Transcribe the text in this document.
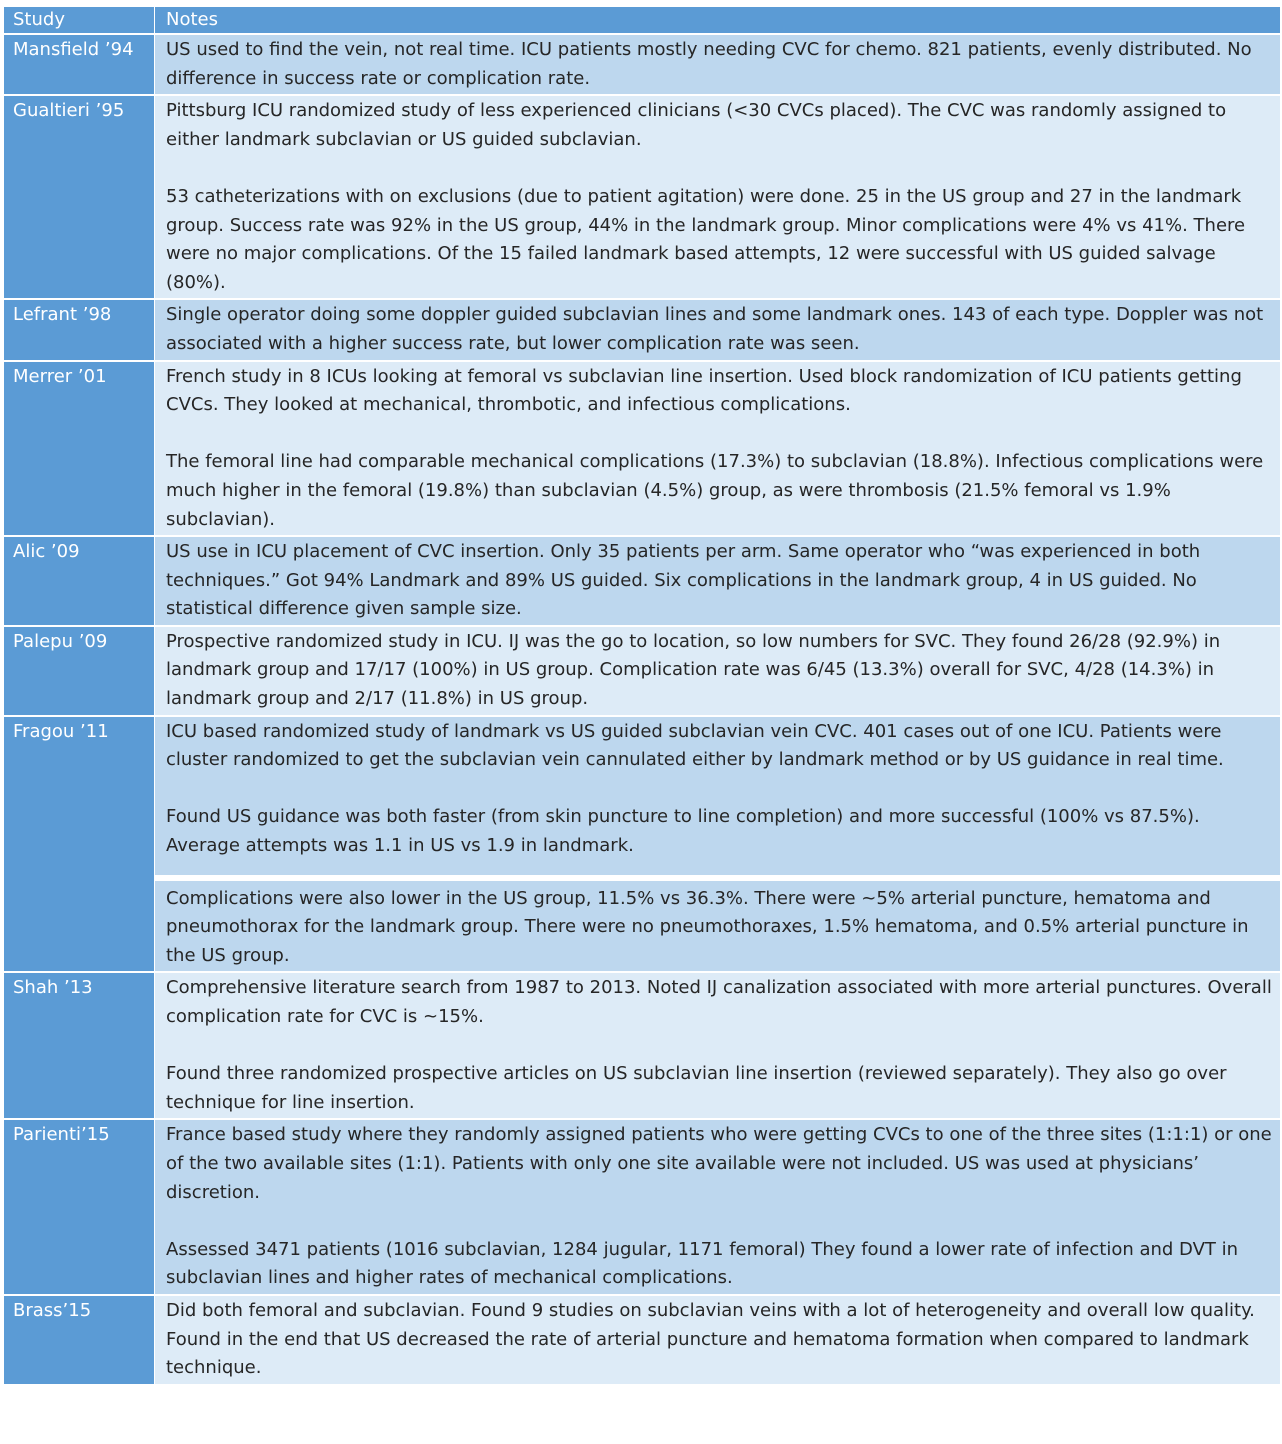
Study	Notes
Mansfield ’94	US used to find the vein, not real time. ICU patients mostly needing CVC for chemo. 821 patients, evenly distributed. No difference in success rate or complication rate.
Gualtieri ’95	Pittsburg ICU randomized study of less experienced clinicians (<30 CVCs placed). The CVC was randomly assigned to either landmark subclavian or US guided subclavian.
53 catheterizations with on exclusions (due to patient agitation) were done. 25 in the US group and 27 in the landmark group. Success rate was 92% in the US group, 44% in the landmark group. Minor complications were 4% vs 41%. There were no major complications. Of the 15 failed landmark based attempts, 12 were successful with US guided salvage (80%).
Lefrant ’98	Single operator doing some doppler guided subclavian lines and some landmark ones. 143 of each type. Doppler was not associated with a higher success rate, but lower complication rate was seen.
Merrer ’01	French study in 8 ICUs looking at femoral vs subclavian line insertion. Used block randomization of ICU patients getting CVCs. They looked at mechanical, thrombotic, and infectious complications.
The femoral line had comparable mechanical complications (17.3%) to subclavian (18.8%). Infectious complications were much higher in the femoral (19.8%) than subclavian (4.5%) group, as were thrombosis (21.5% femoral vs 1.9% subclavian).
Alic ’09	US use in ICU placement of CVC insertion. Only 35 patients per arm. Same operator who “was experienced in both techniques.” Got 94% Landmark and 89% US guided. Six complications in the landmark group, 4 in US guided. No statistical difference given sample size.
Palepu ’09	Prospective randomized study in ICU. IJ was the go to location, so low numbers for SVC. They found 26/28 (92.9%) in landmark group and 17/17 (100%) in US group. Complication rate was 6/45 (13.3%) overall for SVC, 4/28 (14.3%) in landmark group and 2/17 (11.8%) in US group.
Fragou ’11	ICU based randomized study of landmark vs US guided subclavian vein CVC. 401 cases out of one ICU. Patients were cluster randomized to get the subclavian vein cannulated either by landmark method or by US guidance in real time.
Found US guidance was both faster (from skin puncture to line completion) and more successful (100% vs 87.5%). Average attempts was 1.1 in US vs 1.9 in landmark.
Complications were also lower in the US group, 11.5% vs 36.3%. There were ~5% arterial puncture, hematoma and pneumothorax for the landmark group. There were no pneumothoraxes, 1.5% hematoma, and 0.5% arterial puncture in the US group.
Shah ’13	Comprehensive literature search from 1987 to 2013. Noted IJ canalization associated with more arterial punctures. Overall complication rate for CVC is ~15%.
Found three randomized prospective articles on US subclavian line insertion (reviewed separately). They also go over technique for line insertion.
Parienti’15	France based study where they randomly assigned patients who were getting CVCs to one of the three sites (1:1:1) or one of the two available sites (1:1). Patients with only one site available were not included. US was used at physicians’ discretion.
Assessed 3471 patients (1016 subclavian, 1284 jugular, 1171 femoral) They found a lower rate of infection and DVT in subclavian lines and higher rates of mechanical complications.
Brass’15	Did both femoral and subclavian. Found 9 studies on subclavian veins with a lot of heterogeneity and overall low quality. Found in the end that US decreased the rate of arterial puncture and hematoma formation when compared to landmark technique.
